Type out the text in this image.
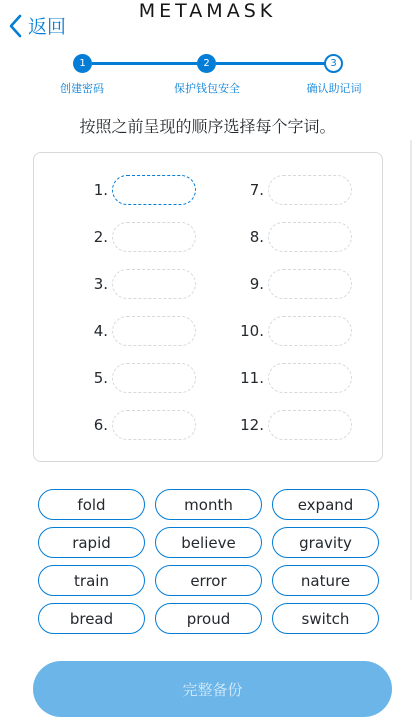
返回
METAMASK
1	2	3
创建密码	保护钱包安全	确认助记词
按照之前呈现的顺序选择每个字词。
1.
2.
3.
4.
5.
6.
7.
8.
9.
10.
11.
12.
fold	month	expand
rapid	believe	gravity
train	error	nature
bread	proud	switch
完整备份
